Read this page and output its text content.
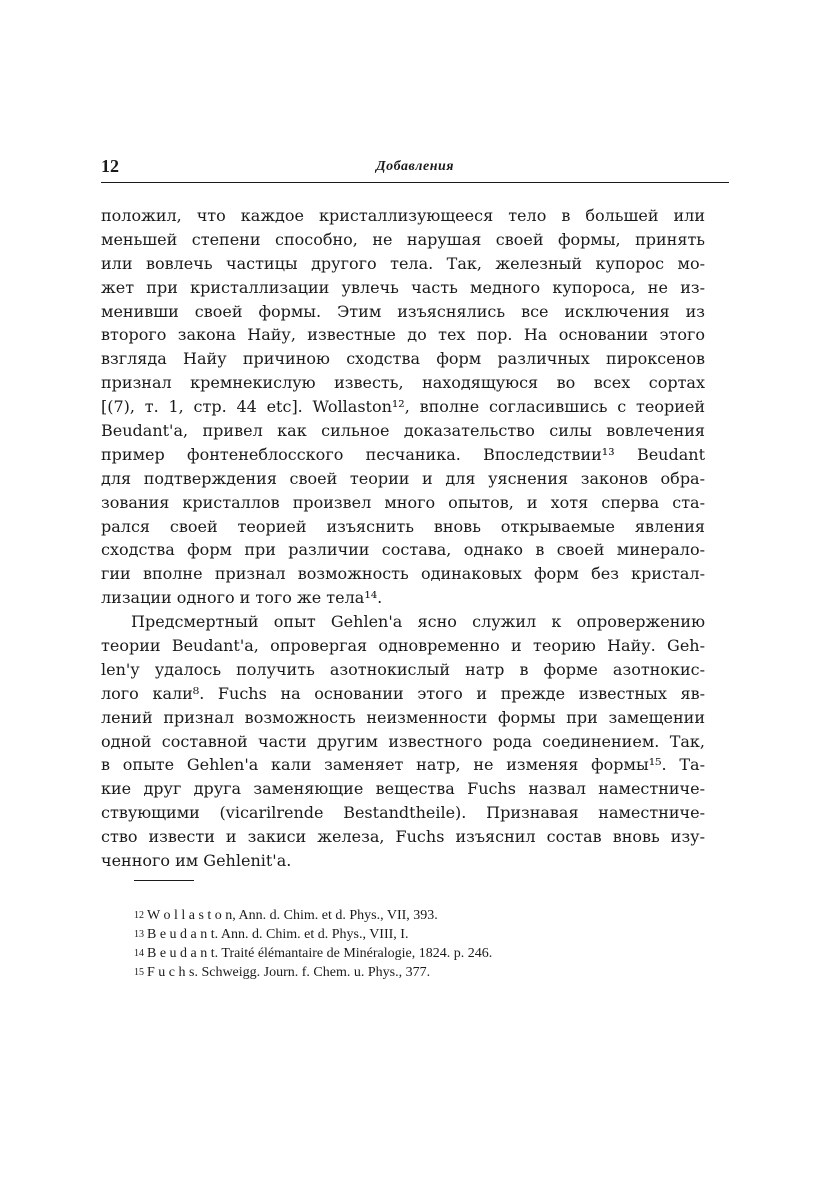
12	Добавления
положил, что каждое кристаллизующееся тело в большей или
меньшей степени способно, не нарушая своей формы, принять
или вовлечь частицы другого тела. Так, железный купорос мо-
жет при кристаллизации увлечь часть медного купороса, не из-
менивши своей формы. Этим изъяснялись все исключения из
второго закона Найу, известные до тех пор. На основании этого
взгляда Найу причиною сходства форм различных пироксенов
признал кремнекислую известь, находящуюся во всех сортах
[(7), т. 1, стр. 44 etc]. Wollaston¹², вполне согласившись с теорией
Beudant'a, привел как сильное доказательство силы вовлечения
пример фонтенеблосского песчаника. Впоследствии¹³ Beudant
для подтверждения своей теории и для уяснения законов обра-
зования кристаллов произвел много опытов, и хотя сперва ста-
рался своей теорией изъяснить вновь открываемые явления
сходства форм при различии состава, однако в своей минерало-
гии вполне признал возможность одинаковых форм без кристал-
лизации одного и того же тела¹⁴.
Предсмертный опыт Gehlen'a ясно служил к опровержению
теории Beudant'a, опровергая одновременно и теорию Найу. Geh-
len'у удалось получить азотнокислый натр в форме азотнокис-
лого кали⁸. Fuchs на основании этого и прежде известных яв-
лений признал возможность неизменности формы при замещении
одной составной части другим известного рода соединением. Так,
в опыте Gehlen'a кали заменяет натр, не изменяя формы¹⁵. Та-
кие друг друга заменяющие вещества Fuchs назвал наместниче-
ствующими (vicarilrende Bestandtheile). Признавая наместниче-
ство извести и закиси железа, Fuchs изъяснил состав вновь изу-
ченного им Gehlenit'a.
12 W o l l a s t o n, Ann. d. Chim. et d. Phys., VII, 393.
13 B e u d a n t. Ann. d. Chim. et d. Phys., VIII, I.
14 B e u d a n t. Traité élémantaire de Minéralogie, 1824. p. 246.
15 F u c h s. Schweigg. Journ. f. Chem. u. Phys., 377.
